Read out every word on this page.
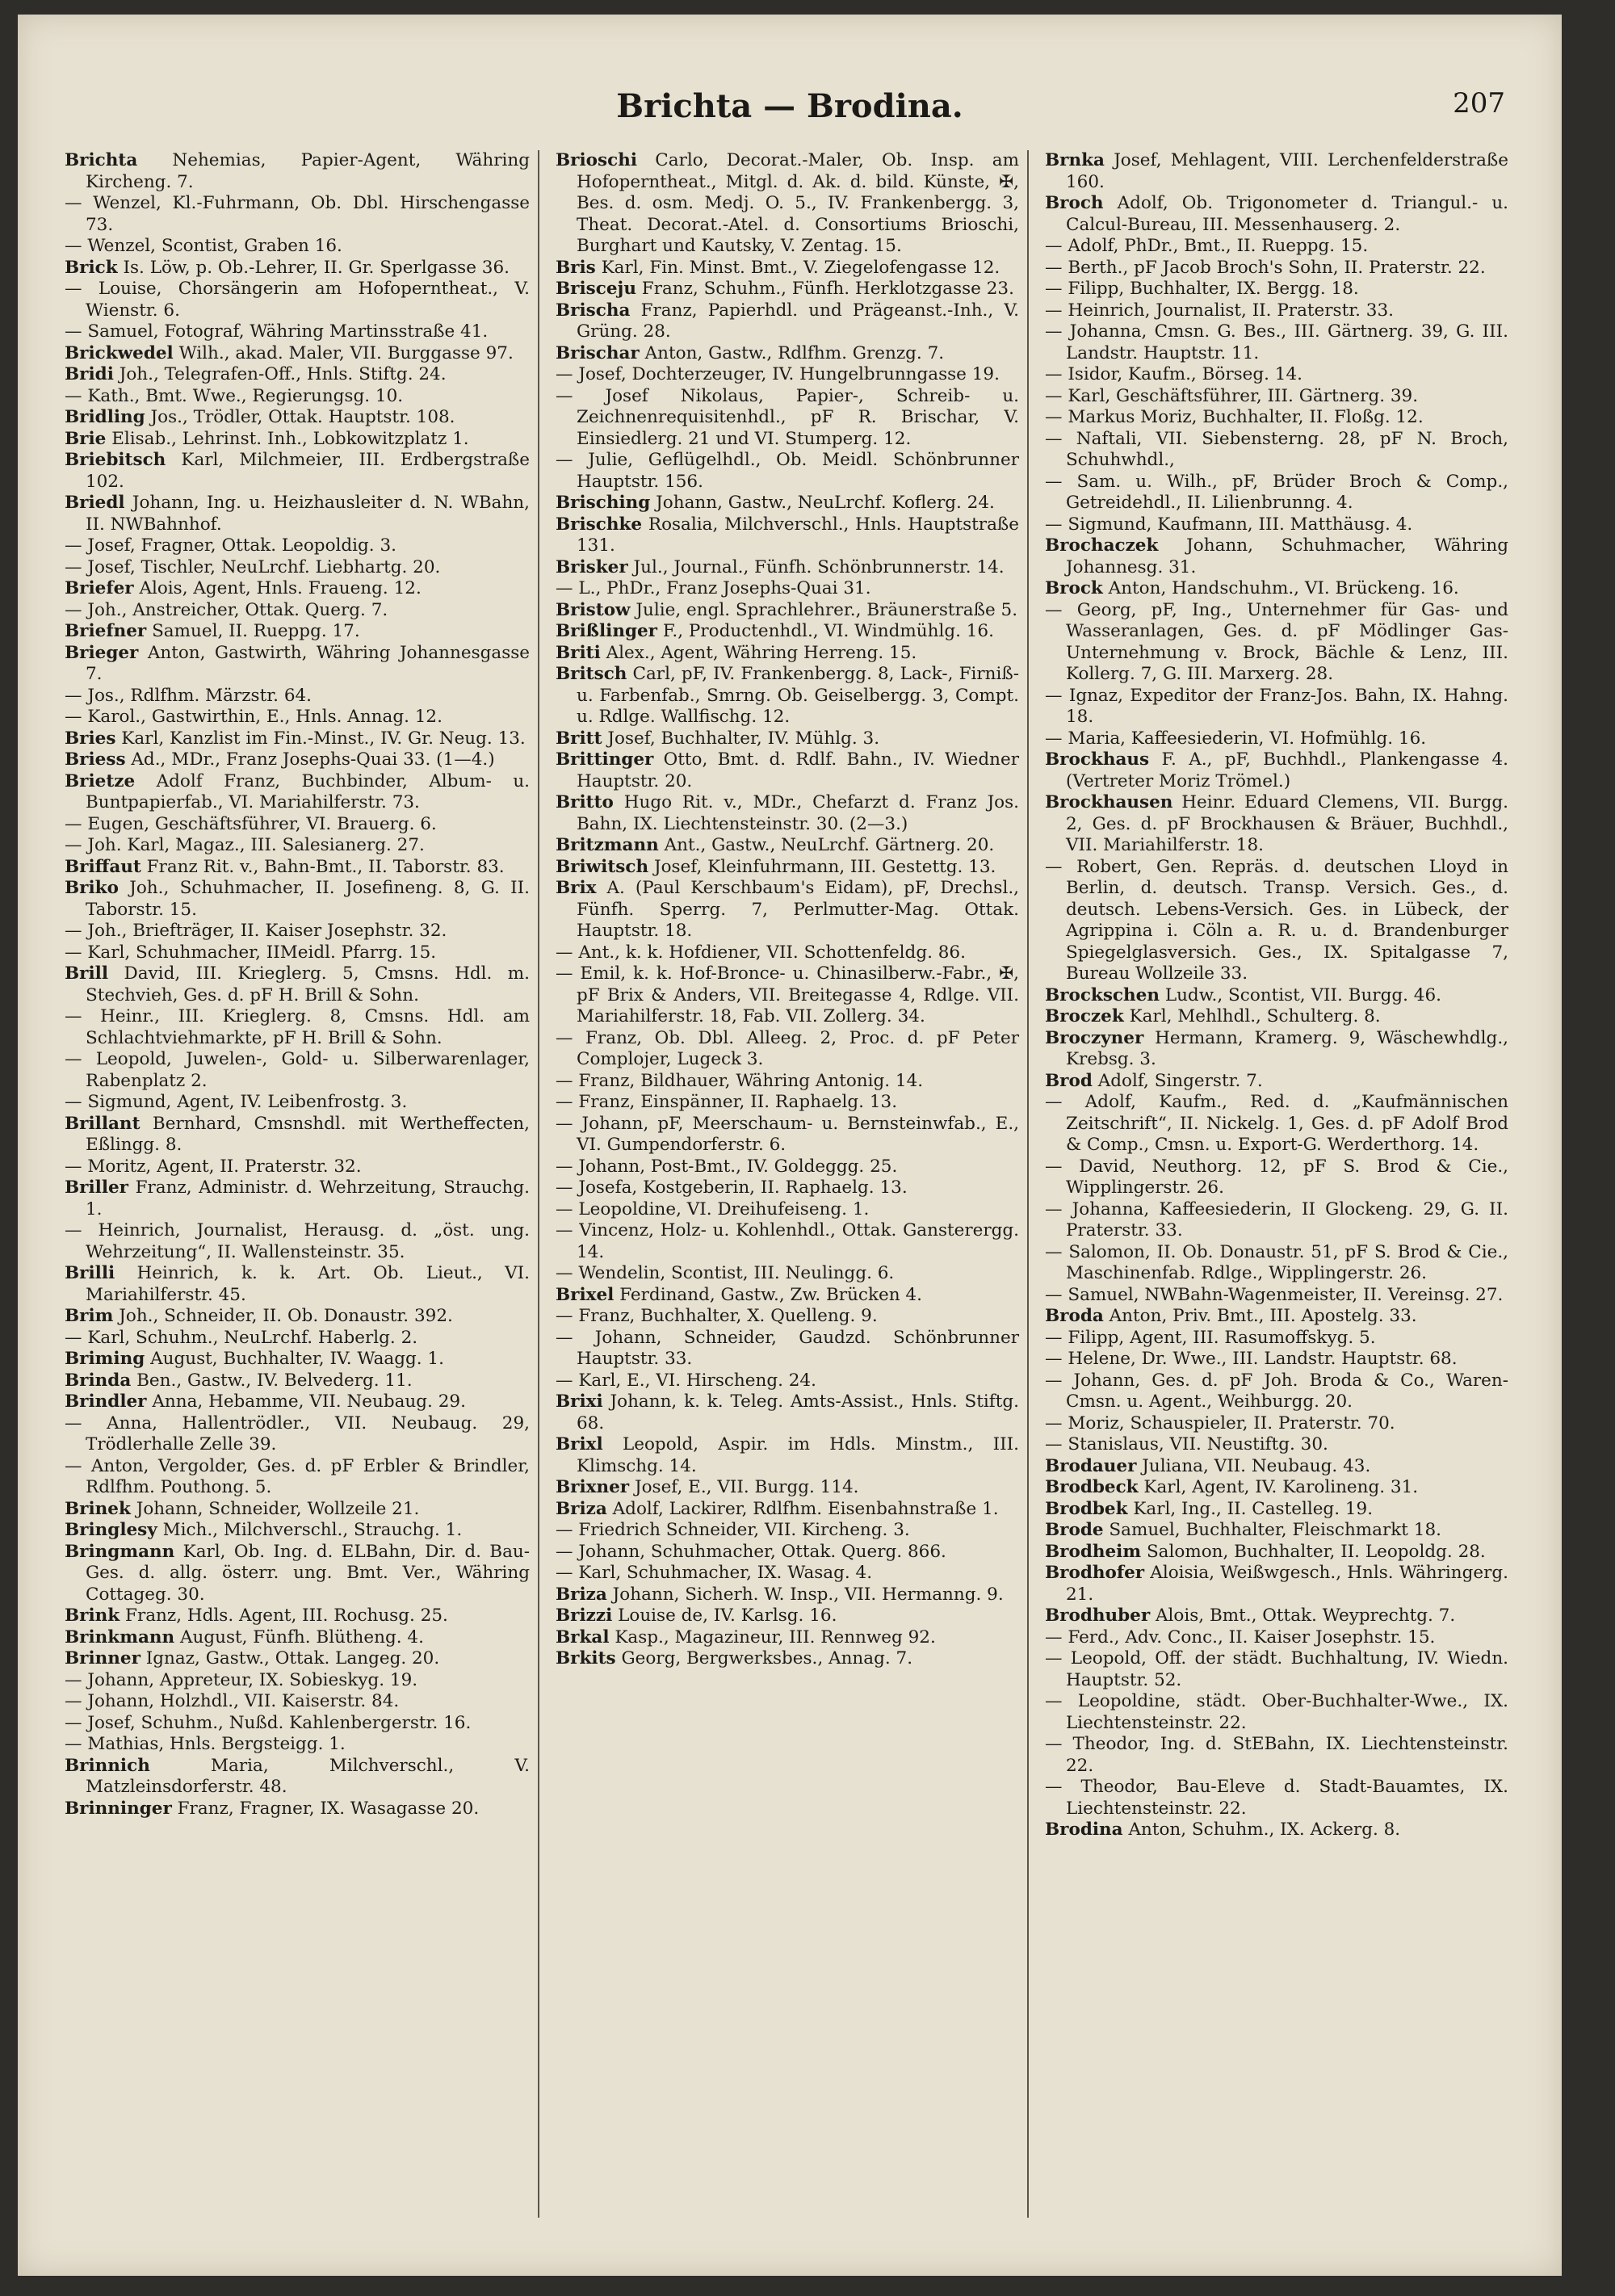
Brichta — Brodina.	207

Brichta Nehemias, Papier-Agent, Währing Kircheng. 7.

— Wenzel, Kl.-Fuhrmann, Ob. Dbl. Hirschengasse 73.

— Wenzel, Scontist, Graben 16.

Brick Is. Löw, p. Ob.-Lehrer, II. Gr. Sperlgasse 36.

— Louise, Chorsängerin am Hofoperntheat., V. Wienstr. 6.

— Samuel, Fotograf, Währing Martinsstraße 41.

Brickwedel Wilh., akad. Maler, VII. Burggasse 97.

Bridi Joh., Telegrafen-Off., Hnls. Stiftg. 24.

— Kath., Bmt. Wwe., Regierungsg. 10.

Bridling Jos., Trödler, Ottak. Hauptstr. 108.

Brie Elisab., Lehrinst. Inh., Lobkowitzplatz 1.

Briebitsch Karl, Milchmeier, III. Erdbergstraße 102.

Briedl Johann, Ing. u. Heizhausleiter d. N. WBahn, II. NWBahnhof.

— Josef, Fragner, Ottak. Leopoldig. 3.

— Josef, Tischler, NeuLrchf. Liebhartg. 20.

Briefer Alois, Agent, Hnls. Fraueng. 12.

— Joh., Anstreicher, Ottak. Querg. 7.

Briefner Samuel, II. Rueppg. 17.

Brieger Anton, Gastwirth, Währing Johannesgasse 7.

— Jos., Rdlfhm. Märzstr. 64.

— Karol., Gastwirthin, E., Hnls. Annag. 12.

Bries Karl, Kanzlist im Fin.-Minst., IV. Gr. Neug. 13.

Briess Ad., MDr., Franz Josephs-Quai 33. (1—4.)

Brietze Adolf Franz, Buchbinder, Album- u. Buntpapierfab., VI. Mariahilferstr. 73.

— Eugen, Geschäftsführer, VI. Brauerg. 6.

— Joh. Karl, Magaz., III. Salesianerg. 27.

Briffaut Franz Rit. v., Bahn-Bmt., II. Taborstr. 83.

Briko Joh., Schuhmacher, II. Josefineng. 8, G. II. Taborstr. 15.

— Joh., Briefträger, II. Kaiser Josephstr. 32.

— Karl, Schuhmacher, IIMeidl. Pfarrg. 15.

Brill David, III. Krieglerg. 5, Cmsns. Hdl. m. Stechvieh, Ges. d. pF H. Brill & Sohn.

— Heinr., III. Krieglerg. 8, Cmsns. Hdl. am Schlachtviehmarkte, pF H. Brill & Sohn.

— Leopold, Juwelen-, Gold- u. Silberwarenlager, Rabenplatz 2.

— Sigmund, Agent, IV. Leibenfrostg. 3.

Brillant Bernhard, Cmsnshdl. mit Wertheffecten, Eßlingg. 8.

— Moritz, Agent, II. Praterstr. 32.

Briller Franz, Administr. d. Wehrzeitung, Strauchg. 1.

— Heinrich, Journalist, Herausg. d. „öst. ung. Wehrzeitung“, II. Wallensteinstr. 35.

Brilli Heinrich, k. k. Art. Ob. Lieut., VI. Mariahilferstr. 45.

Brim Joh., Schneider, II. Ob. Donaustr. 392.

— Karl, Schuhm., NeuLrchf. Haberlg. 2.

Briming August, Buchhalter, IV. Waagg. 1.

Brinda Ben., Gastw., IV. Belvederg. 11.

Brindler Anna, Hebamme, VII. Neubaug. 29.

— Anna, Hallentrödler., VII. Neubaug. 29, Trödlerhalle Zelle 39.

— Anton, Vergolder, Ges. d. pF Erbler & Brindler, Rdlfhm. Pouthong. 5.

Brinek Johann, Schneider, Wollzeile 21.

Bringlesy Mich., Milchverschl., Strauchg. 1.

Bringmann Karl, Ob. Ing. d. ELBahn, Dir. d. Bau-Ges. d. allg. österr. ung. Bmt. Ver., Währing Cottageg. 30.

Brink Franz, Hdls. Agent, III. Rochusg. 25.

Brinkmann August, Fünfh. Blütheng. 4.

Brinner Ignaz, Gastw., Ottak. Langeg. 20.

— Johann, Appreteur, IX. Sobieskyg. 19.

— Johann, Holzhdl., VII. Kaiserstr. 84.

— Josef, Schuhm., Nußd. Kahlenbergerstr. 16.

— Mathias, Hnls. Bergsteigg. 1.

Brinnich	Maria, Milchverschl., V. Matzleinsdorferstr. 48.

Brinninger Franz, Fragner, IX. Wasagasse 20.

Brioschi Carlo, Decorat.-Maler, Ob. Insp. am Hofoperntheat., Mitgl. d. Ak. d. bild. Künste, ✠, Bes. d. osm. Medj. O. 5., IV. Frankenbergg. 3, Theat. Decorat.-Atel. d. Consortiums Brioschi, Burghart und Kautsky, V. Zentag. 15.

Bris Karl, Fin. Minst. Bmt., V. Ziegelofengasse 12.

Brisceju Franz, Schuhm., Fünfh. Herklotzgasse 23.

Brischa Franz, Papierhdl. und Prägeanst.-Inh., V. Grüng. 28.

Brischar Anton, Gastw., Rdlfhm. Grenzg. 7.

— Josef, Dochterzeuger, IV. Hungelbrunngasse 19.

— Josef Nikolaus, Papier-, Schreib- u. Zeichnenrequisitenhdl., pF R. Brischar, V. Einsiedlerg. 21 und VI. Stumperg. 12.

— Julie, Geflügelhdl., Ob. Meidl. Schönbrunner Hauptstr. 156.

Brisching Johann, Gastw., NeuLrchf. Koflerg. 24.

Brischke Rosalia, Milchverschl., Hnls. Hauptstraße 131.

Brisker Jul., Journal., Fünfh. Schönbrunnerstr. 14.

— L., PhDr., Franz Josephs-Quai 31.

Bristow Julie, engl. Sprachlehrer., Bräunerstraße 5.

Brißlinger F., Productenhdl., VI. Windmühlg. 16.

Briti Alex., Agent, Währing Herreng. 15.

Britsch Carl, pF, IV. Frankenbergg. 8, Lack-, Firniß- u. Farbenfab., Smrng. Ob. Geiselbergg. 3, Compt. u. Rdlge. Wallfischg. 12.

Britt Josef, Buchhalter, IV. Mühlg. 3.

Brittinger Otto, Bmt. d. Rdlf. Bahn., IV. Wiedner Hauptstr. 20.

Britto Hugo Rit. v., MDr., Chefarzt d. Franz Jos. Bahn, IX. Liechtensteinstr. 30. (2—3.)

Britzmann Ant., Gastw., NeuLrchf. Gärtnerg. 20.

Briwitsch Josef, Kleinfuhrmann, III. Gestettg. 13.

Brix A. (Paul Kerschbaum's Eidam), pF, Drechsl., Fünfh. Sperrg. 7, Perlmutter-Mag. Ottak. Hauptstr. 18.

— Ant., k. k. Hofdiener, VII. Schottenfeldg. 86.

— Emil, k. k. Hof-Bronce- u. Chinasilberw.-Fabr., ✠, pF Brix & Anders, VII. Breitegasse 4, Rdlge. VII. Mariahilferstr. 18, Fab. VII. Zollerg. 34.

— Franz, Ob. Dbl. Alleeg. 2, Proc. d. pF Peter Complojer, Lugeck 3.

— Franz, Bildhauer, Währing Antonig. 14.

— Franz, Einspänner, II. Raphaelg. 13.

— Johann, pF, Meerschaum- u. Bernsteinwfab., E., VI. Gumpendorferstr. 6.

— Johann, Post-Bmt., IV. Goldeggg. 25.

— Josefa, Kostgeberin, II. Raphaelg. 13.

— Leopoldine, VI. Dreihufeiseng. 1.

— Vincenz, Holz- u. Kohlenhdl., Ottak. Gansterergg. 14.

— Wendelin, Scontist, III. Neulingg. 6.

Brixel Ferdinand, Gastw., Zw. Brücken 4.

— Franz, Buchhalter, X. Quelleng. 9.

— Johann, Schneider, Gaudzd. Schönbrunner Hauptstr. 33.

— Karl, E., VI. Hirscheng. 24.

Brixi Johann, k. k. Teleg. Amts-Assist., Hnls. Stiftg. 68.

Brixl Leopold, Aspir. im Hdls. Minstm., III. Klimschg. 14.

Brixner Josef, E., VII. Burgg. 114.

Briza Adolf, Lackirer, Rdlfhm. Eisenbahnstraße 1.

— Friedrich Schneider, VII. Kircheng. 3.

— Johann, Schuhmacher, Ottak. Querg. 866.

— Karl, Schuhmacher, IX. Wasag. 4.

Briza Johann, Sicherh. W. Insp., VII. Hermanng. 9.

Brizzi Louise de, IV. Karlsg. 16.

Brkal Kasp., Magazineur, III. Rennweg 92.

Brkits Georg, Bergwerksbes., Annag. 7.

Brnka Josef, Mehlagent, VIII. Lerchenfelderstraße 160.

Broch Adolf, Ob. Trigonometer d. Triangul.- u. Calcul-Bureau, III. Messenhauserg. 2.

— Adolf, PhDr., Bmt., II. Rueppg. 15.

— Berth., pF Jacob Broch's Sohn, II. Praterstr. 22.

— Filipp, Buchhalter, IX. Bergg. 18.

— Heinrich, Journalist, II. Praterstr. 33.

— Johanna, Cmsn. G. Bes., III. Gärtnerg. 39, G. III. Landstr. Hauptstr. 11.

— Isidor, Kaufm., Börseg. 14.

— Karl, Geschäftsführer, III. Gärtnerg. 39.

— Markus Moriz, Buchhalter, II. Floßg. 12.

— Naftali, VII. Siebensterng. 28, pF N. Broch, Schuhwhdl.,

— Sam. u. Wilh., pF, Brüder Broch & Comp., Getreidehdl., II. Lilienbrunng. 4.

— Sigmund, Kaufmann, III. Matthäusg. 4.

Brochaczek Johann, Schuhmacher, Währing Johannesg. 31.

Brock Anton, Handschuhm., VI. Brückeng. 16.

— Georg, pF, Ing., Unternehmer für Gas- und Wasseranlagen, Ges. d. pF Mödlinger Gas-Unternehmung v. Brock, Bächle & Lenz, III. Kollerg. 7, G. III. Marxerg. 28.

— Ignaz, Expeditor der Franz-Jos. Bahn, IX. Hahng. 18.

— Maria, Kaffeesiederin, VI. Hofmühlg. 16.

Brockhaus F. A., pF, Buchhdl., Plankengasse 4. (Vertreter Moriz Trömel.)

Brockhausen Heinr. Eduard Clemens, VII. Burgg. 2, Ges. d. pF Brockhausen & Bräuer, Buchhdl., VII. Mariahilferstr. 18.

— Robert, Gen. Repräs. d. deutschen Lloyd in Berlin, d. deutsch. Transp. Versich. Ges., d. deutsch. Lebens-Versich. Ges. in Lübeck, der Agrippina i. Cöln a. R. u. d. Brandenburger Spiegelglasversich. Ges., IX. Spitalgasse 7, Bureau Wollzeile 33.

Brockschen Ludw., Scontist, VII. Burgg. 46.

Broczek Karl, Mehlhdl., Schulterg. 8.

Broczyner Hermann, Kramerg. 9, Wäschewhdlg., Krebsg. 3.

Brod Adolf, Singerstr. 7.

— Adolf, Kaufm., Red. d. „Kaufmännischen Zeitschrift“, II. Nickelg. 1, Ges. d. pF Adolf Brod & Comp., Cmsn. u. Export-G. Werderthorg. 14.

— David, Neuthorg. 12, pF S. Brod & Cie., Wipplingerstr. 26.

— Johanna, Kaffeesiederin, II Glockeng. 29, G. II. Praterstr. 33.

— Salomon, II. Ob. Donaustr. 51, pF S. Brod & Cie., Maschinenfab. Rdlge., Wipplingerstr. 26.

— Samuel, NWBahn-Wagenmeister, II. Vereinsg. 27.

Broda Anton, Priv. Bmt., III. Apostelg. 33.

— Filipp, Agent, III. Rasumoffskyg. 5.

— Helene, Dr. Wwe., III. Landstr. Hauptstr. 68.

— Johann, Ges. d. pF Joh. Broda & Co., Waren-Cmsn. u. Agent., Weihburgg. 20.

— Moriz, Schauspieler, II. Praterstr. 70.

— Stanislaus, VII. Neustiftg. 30.

Brodauer Juliana, VII. Neubaug. 43.

Brodbeck Karl, Agent, IV. Karolineng. 31.

Brodbek Karl, Ing., II. Castelleg. 19.

Brode Samuel, Buchhalter, Fleischmarkt 18.

Brodheim Salomon, Buchhalter, II. Leopoldg. 28.

Brodhofer Aloisia, Weißwgesch., Hnls. Währingerg. 21.

Brodhuber Alois, Bmt., Ottak. Weyprechtg. 7.

— Ferd., Adv. Conc., II. Kaiser Josephstr. 15.

— Leopold, Off. der städt. Buchhaltung, IV. Wiedn. Hauptstr. 52.

— Leopoldine, städt. Ober-Buchhalter-Wwe., IX. Liechtensteinstr. 22.

— Theodor, Ing. d. StEBahn, IX. Liechtensteinstr. 22.

— Theodor, Bau-Eleve d. Stadt-Bauamtes, IX. Liechtensteinstr. 22.

Brodina Anton, Schuhm., IX. Ackerg. 8.
